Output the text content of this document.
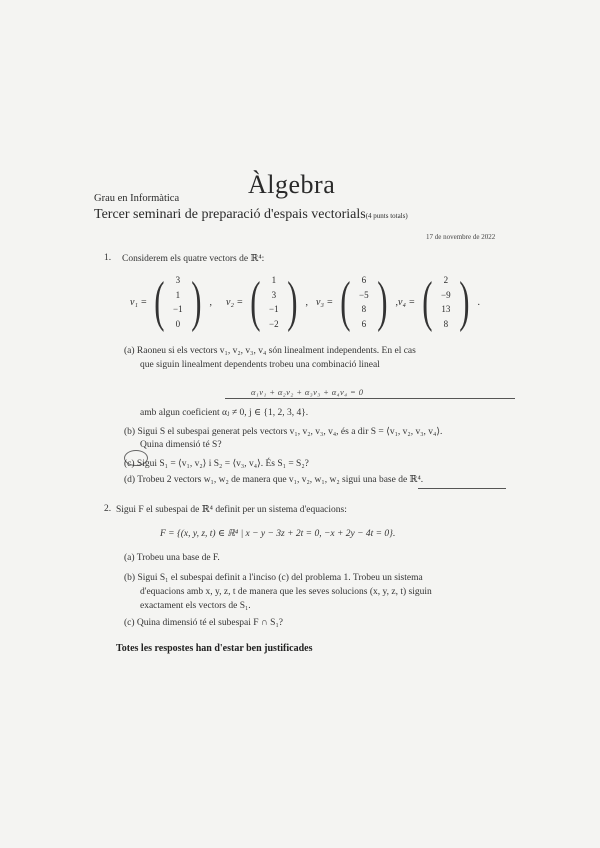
Àlgebra
Grau en Informàtica
Tercer seminari de preparació d'espais vectorials(4 punts totals)
17 de novembre de 2022
1. Considerem els quatre vectors de ℝ⁴:
v₁ = ( 3
1
−1
0 ) , v₂ = ( 1
3
−1
−2 ) , v₃ = ( 6
−5
8
6 ) , v₄ = ( 2
−9
13
8 ) .
(a) Raoneu si els vectors v₁, v₂, v₃, v₄ són linealment independents. En el cas
que siguin linealment dependents trobeu una combinació lineal
α₁v₁ + α₂v₂ + α₃v₃ + α₄v₄ = 0
amb algun coeficient αⱼ ≠ 0, j ∈ {1, 2, 3, 4}.
(b) Sigui S el subespai generat pels vectors v₁, v₂, v₃, v₄, és a dir S = ⟨v₁, v₂, v₃, v₄⟩.
Quina dimensió té S?
(c) Sigui S₁ = ⟨v₁, v₂⟩ i S₂ = ⟨v₃, v₄⟩. És S₁ = S₂?
(d) Trobeu 2 vectors w₁, w₂ de manera que v₁, v₂, w₁, w₂ sigui una base de ℝ⁴.
2. Sigui F el subespai de ℝ⁴ definit per un sistema d'equacions:
F = {(x, y, z, t) ∈ ℝ⁴ | x − y − 3z + 2t = 0, −x + 2y − 4t = 0}.
(a) Trobeu una base de F.
(b) Sigui S₁ el subespai definit a l'inciso (c) del problema 1. Trobeu un sistema
d'equacions amb x, y, z, t de manera que les seves solucions (x, y, z, t) siguin
exactament els vectors de S₁.
(c) Quina dimensió té el subespai F ∩ S₁?
Totes les respostes han d'estar ben justificades
